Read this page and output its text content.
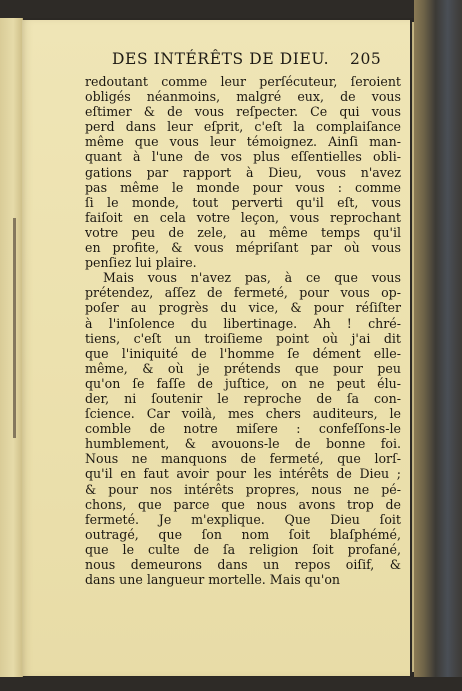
DES INTÉRÊTS DE DIEU. 205
redoutant comme leur perſécuteur, ſeroient
obligés néanmoins, malgré eux, de vous
eſtimer & de vous reſpecter. Ce qui vous
perd dans leur eſprit, c'eſt la complaiſance
même que vous leur témoignez. Ainſi man-
quant à l'une de vos plus eſſentielles obli-
gations par rapport à Dieu, vous n'avez
pas même le monde pour vous : comme
ſi le monde, tout perverti qu'il eſt, vous
faiſoit en cela votre leçon, vous reprochant
votre peu de zele, au même temps qu'il
en profite, & vous mépriſant par où vous
penſiez lui plaire.
Mais vous n'avez pas, à ce que vous
prétendez, aſſez de fermeté, pour vous op-
poſer au progrès du vice, & pour réſiſter
à l'inſolence du libertinage. Ah ! chré-
tiens, c'eſt un troiſieme point où j'ai dit
que l'iniquité de l'homme ſe dément elle-
même, & où je prétends que pour peu
qu'on ſe faſſe de juſtice, on ne peut élu-
der, ni ſoutenir le reproche de ſa con-
ſcience. Car voilà, mes chers auditeurs, le
comble de notre miſere : confeſſons-le
humblement, & avouons-le de bonne foi.
Nous ne manquons de fermeté, que lorſ-
qu'il en faut avoir pour les intérêts de Dieu ;
& pour nos intérêts propres, nous ne pé-
chons, que parce que nous avons trop de
fermeté. Je m'explique. Que Dieu ſoit
outragé, que ſon nom ſoit blaſphémé,
que le culte de ſa religion ſoit profané,
nous demeurons dans un repos oiſif, &
dans une langueur mortelle. Mais qu'on
